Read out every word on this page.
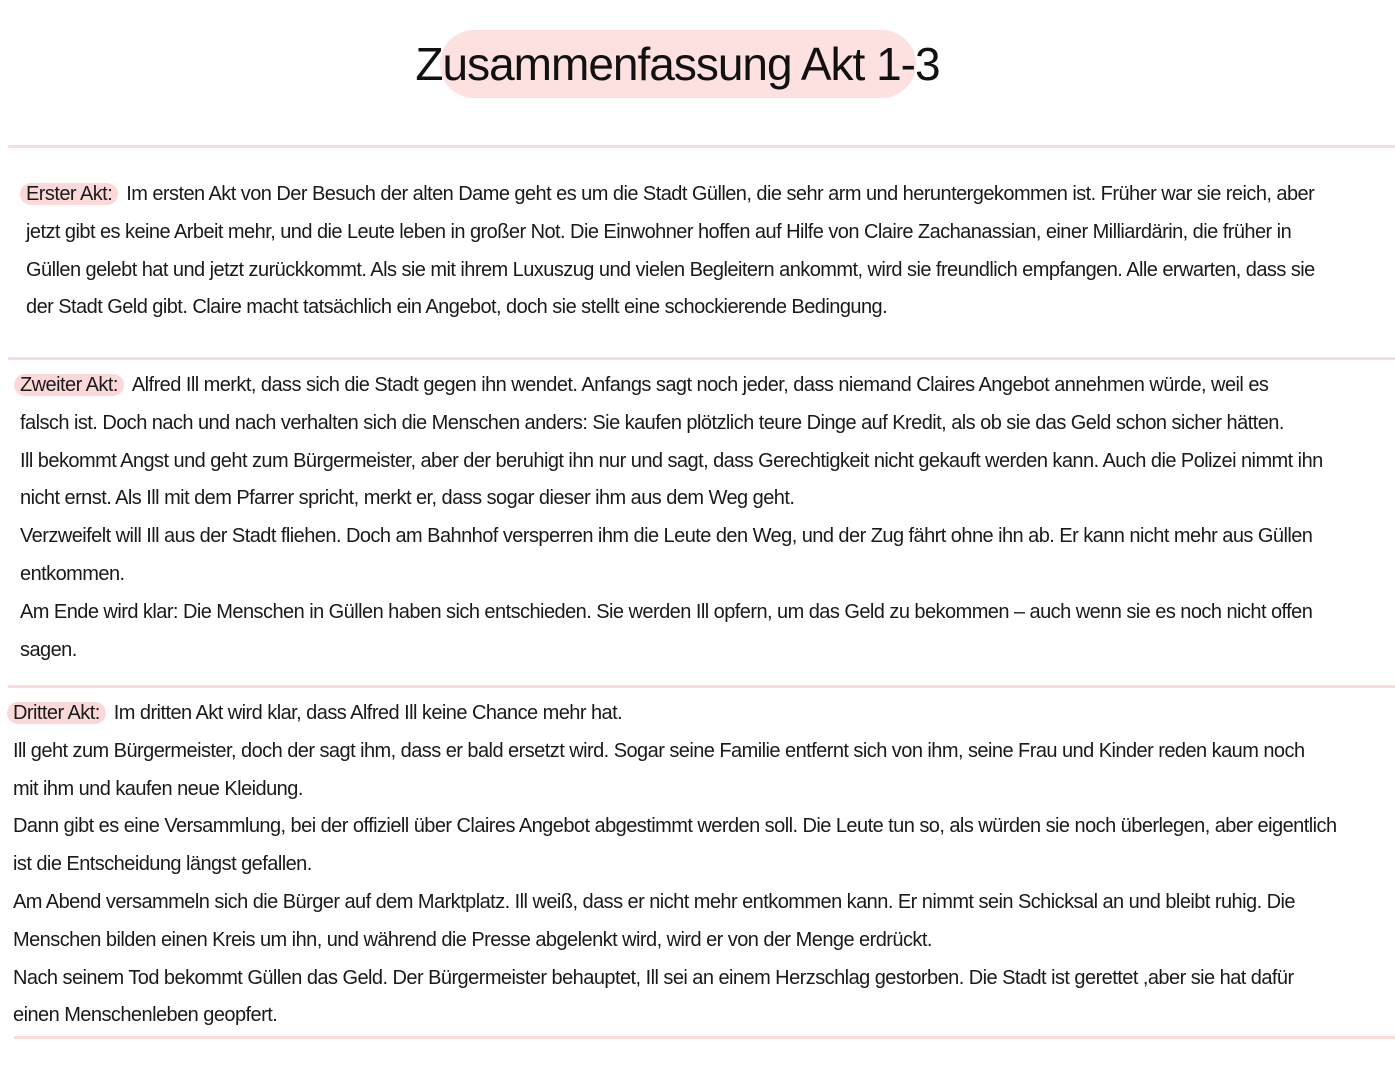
Zusammenfassung Akt 1-3
Erster Akt: Im ersten Akt von Der Besuch der alten Dame geht es um die Stadt Güllen, die sehr arm und heruntergekommen ist. Früher war sie reich, aber
jetzt gibt es keine Arbeit mehr, und die Leute leben in großer Not. Die Einwohner hoffen auf Hilfe von Claire Zachanassian, einer Milliardärin, die früher in
Güllen gelebt hat und jetzt zurückkommt. Als sie mit ihrem Luxuszug und vielen Begleitern ankommt, wird sie freundlich empfangen. Alle erwarten, dass sie
der Stadt Geld gibt. Claire macht tatsächlich ein Angebot, doch sie stellt eine schockierende Bedingung.
Zweiter Akt: Alfred Ill merkt, dass sich die Stadt gegen ihn wendet. Anfangs sagt noch jeder, dass niemand Claires Angebot annehmen würde, weil es
falsch ist. Doch nach und nach verhalten sich die Menschen anders: Sie kaufen plötzlich teure Dinge auf Kredit, als ob sie das Geld schon sicher hätten.
Ill bekommt Angst und geht zum Bürgermeister, aber der beruhigt ihn nur und sagt, dass Gerechtigkeit nicht gekauft werden kann. Auch die Polizei nimmt ihn
nicht ernst. Als Ill mit dem Pfarrer spricht, merkt er, dass sogar dieser ihm aus dem Weg geht.
Verzweifelt will Ill aus der Stadt fliehen. Doch am Bahnhof versperren ihm die Leute den Weg, und der Zug fährt ohne ihn ab. Er kann nicht mehr aus Güllen
entkommen.
Am Ende wird klar: Die Menschen in Güllen haben sich entschieden. Sie werden Ill opfern, um das Geld zu bekommen – auch wenn sie es noch nicht offen
sagen.
Dritter Akt: Im dritten Akt wird klar, dass Alfred Ill keine Chance mehr hat.
Ill geht zum Bürgermeister, doch der sagt ihm, dass er bald ersetzt wird. Sogar seine Familie entfernt sich von ihm, seine Frau und Kinder reden kaum noch
mit ihm und kaufen neue Kleidung.
Dann gibt es eine Versammlung, bei der offiziell über Claires Angebot abgestimmt werden soll. Die Leute tun so, als würden sie noch überlegen, aber eigentlich
ist die Entscheidung längst gefallen.
Am Abend versammeln sich die Bürger auf dem Marktplatz. Ill weiß, dass er nicht mehr entkommen kann. Er nimmt sein Schicksal an und bleibt ruhig. Die
Menschen bilden einen Kreis um ihn, und während die Presse abgelenkt wird, wird er von der Menge erdrückt.
Nach seinem Tod bekommt Güllen das Geld. Der Bürgermeister behauptet, Ill sei an einem Herzschlag gestorben. Die Stadt ist gerettet ,aber sie hat dafür
einen Menschenleben geopfert.
